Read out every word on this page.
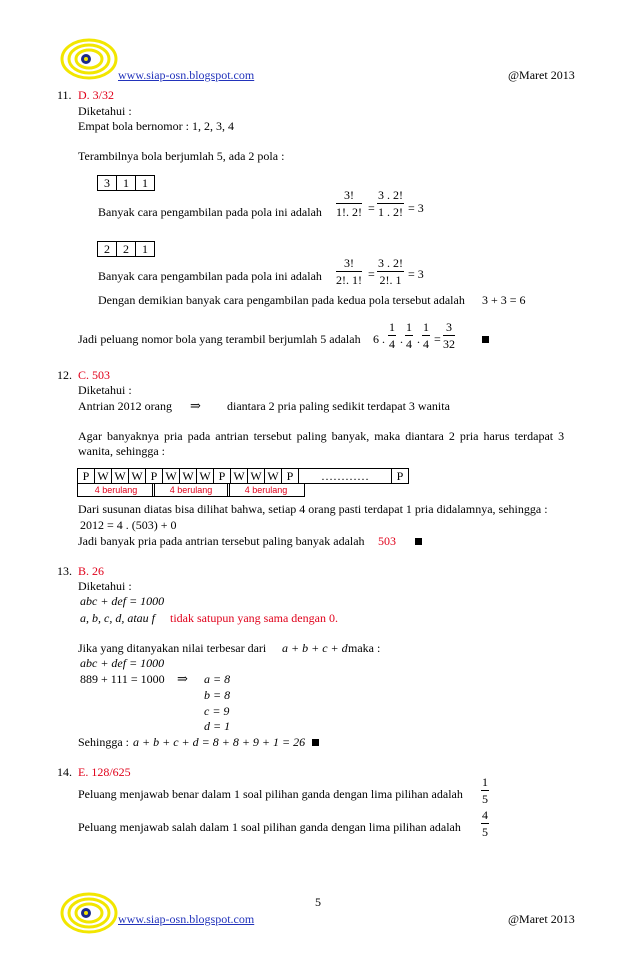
www.siap-osn.blogspot.com	@Maret 2013
11. D. 3/32
Diketahui :
Empat bola bernomor : 1, 2, 3, 4
Terambilnya bola berjumlah 5, ada 2 pola :
3	1	1
Banyak cara pengambilan pada pola ini adalah $\frac{3!}{1!. 2!} = \frac{3 . 2!}{1 . 2!} = 3$
2	2	1
Banyak cara pengambilan pada pola ini adalah $\frac{3!}{2!. 1!} = \frac{3 . 2!}{2!. 1} = 3$
Dengan demikian banyak cara pengambilan pada kedua pola tersebut adalah 3 + 3 = 6
Jadi peluang nomor bola yang terambil berjumlah 5 adalah 6 . $\frac{1}{4}$ . $\frac{1}{4}$ . $\frac{1}{4} = \frac{3}{32}$
12. C. 503
Diketahui :
Antrian 2012 orang ⇒ diantara 2 pria paling sedikit terdapat 3 wanita
Agar banyaknya pria pada antrian tersebut paling banyak, maka diantara 2 pria harus terdapat 3
wanita, sehingga :
P W W W P W W W P W W W P	…………	P
4 berulang	4 berulang	4 berulang
Dari susunan diatas bisa dilihat bahwa, setiap 4 orang pasti terdapat 1 pria didalamnya, sehingga :
2012 = 4 . (503) + 0
Jadi banyak pria pada antrian tersebut paling banyak adalah 503
13. B. 26
Diketahui :
abc + def = 1000
a, b, c, d, atau f tidak satupun yang sama dengan 0.
Jika yang ditanyakan nilai terbesar dari a + b + c + d maka :
abc + def = 1000
889 + 111 = 1000 ⇒ a = 8
b = 8
c = 9
d = 1
Sehingga : a + b + c + d = 8 + 8 + 9 + 1 = 26
14. E. 128/625
Peluang menjawab benar dalam 1 soal pilihan ganda dengan lima pilihan adalah $\frac{1}{5}$
Peluang menjawab salah dalam 1 soal pilihan ganda dengan lima pilihan adalah $\frac{4}{5}$
5
www.siap-osn.blogspot.com	@Maret 2013
